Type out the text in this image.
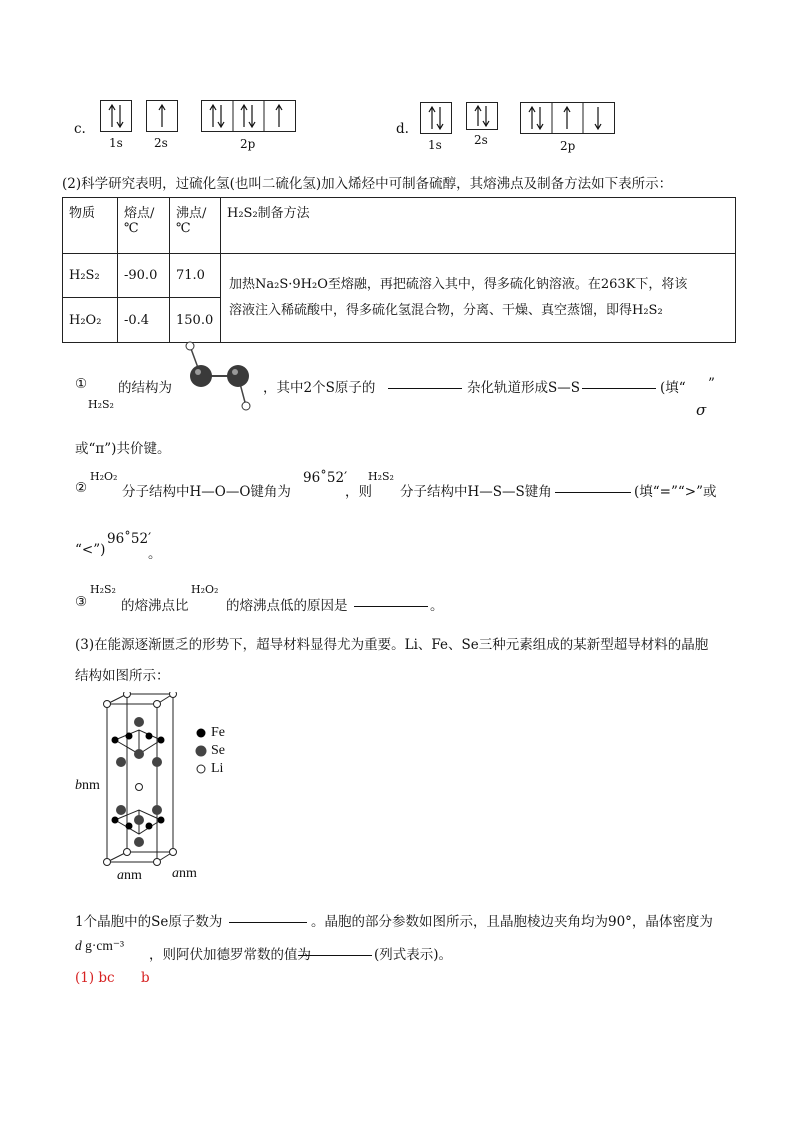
c.
1s	2s	2p
d.
1s	2s	2p
(2)科学研究表明，过硫化氢(也叫二硫化氢)加入烯烃中可制备硫醇，其熔沸点及制备方法如下表所示：
物质	熔点/℃	沸点/℃	H₂S₂制备方法
H₂S₂	-90.0	71.0	加热Na₂S·9H₂O至熔融，再把硫溶入其中，得多硫化钠溶液。在263K下，将该
溶液注入稀硫酸中，得多硫化氢混合物，分离、干燥、真空蒸馏，即得H₂S₂

H₂O₂	-0.4	150.0	
①
H₂S₂
的结构为	，其中2个S原子的	杂化轨道形成S—S	(填“ ”
σ
或“π”)共价键。
②
H₂O₂
分子结构中H—O—O键角为
96˚52′
，则
H₂S₂
分子结构中H—S—S键角	(填“=”“>”或
“<”)
96˚52′
。
③
H₂S₂
的熔沸点比
H₂O₂
的熔沸点低的原因是	。
(3)在能源逐渐匮乏的形势下，超导材料显得尤为重要。Li、Fe、Se三种元素组成的某新型超导材料的晶胞
结构如图所示：
Fe
Se
Li
bnm
anm anm
1个晶胞中的Se原子数为	。晶胞的部分参数如图所示，且晶胞棱边夹角均为90°，晶体密度为
d g·cm⁻³
，则阿伏加德罗常数的值为	(列式表示)。
(1) bc b
